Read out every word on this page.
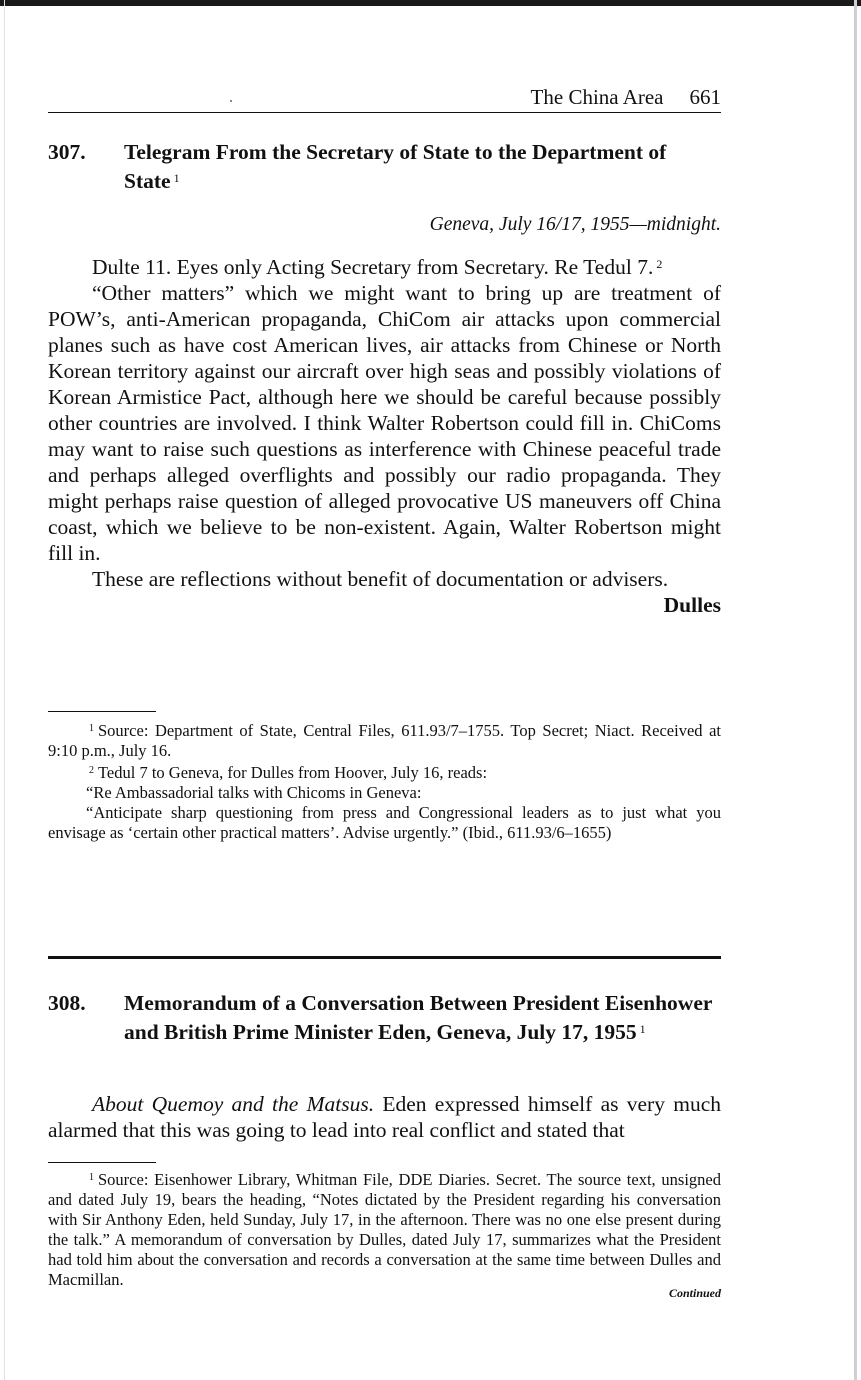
The China Area 661
307. Telegram From the Secretary of State to the Department of State $^1$
Geneva, July 16/17, 1955—midnight.

Dulte 11. Eyes only Acting Secretary from Secretary. Re Tedul 7. $^2$

“Other matters” which we might want to bring up are treatment of POW’s, anti-American propaganda, ChiCom air attacks upon commercial planes such as have cost American lives, air attacks from Chinese or North Korean territory against our aircraft over high seas and possibly violations of Korean Armistice Pact, although here we should be careful because possibly other countries are involved. I think Walter Robertson could fill in. ChiComs may want to raise such questions as interference with Chinese peaceful trade and perhaps alleged overflights and possibly our radio propaganda. They might perhaps raise question of alleged provocative US maneuvers off China coast, which we believe to be non-existent. Again, Walter Robertson might fill in.

These are reflections without benefit of documentation or advisers.

Dulles

$^1$ Source: Department of State, Central Files, 611.93/7–1755. Top Secret; Niact. Received at 9:10 p.m., July 16.

$^2$ Tedul 7 to Geneva, for Dulles from Hoover, July 16, reads:

“Re Ambassadorial talks with Chicoms in Geneva:

“Anticipate sharp questioning from press and Congressional leaders as to just what you envisage as ‘certain other practical matters’. Advise urgently.” (Ibid., 611.93/6–1655)

308. Memorandum of a Conversation Between President Eisenhower and British Prime Minister Eden, Geneva, July 17, 1955 $^1$

About Quemoy and the Matsus. Eden expressed himself as very much alarmed that this was going to lead into real conflict and stated that

$^1$ Source: Eisenhower Library, Whitman File, DDE Diaries. Secret. The source text, unsigned and dated July 19, bears the heading, “Notes dictated by the President regarding his conversation with Sir Anthony Eden, held Sunday, July 17, in the afternoon. There was no one else present during the talk.” A memorandum of conversation by Dulles, dated July 17, summarizes what the President had told him about the conversation and records a conversation at the same time between Dulles and Macmillan.

Continued
